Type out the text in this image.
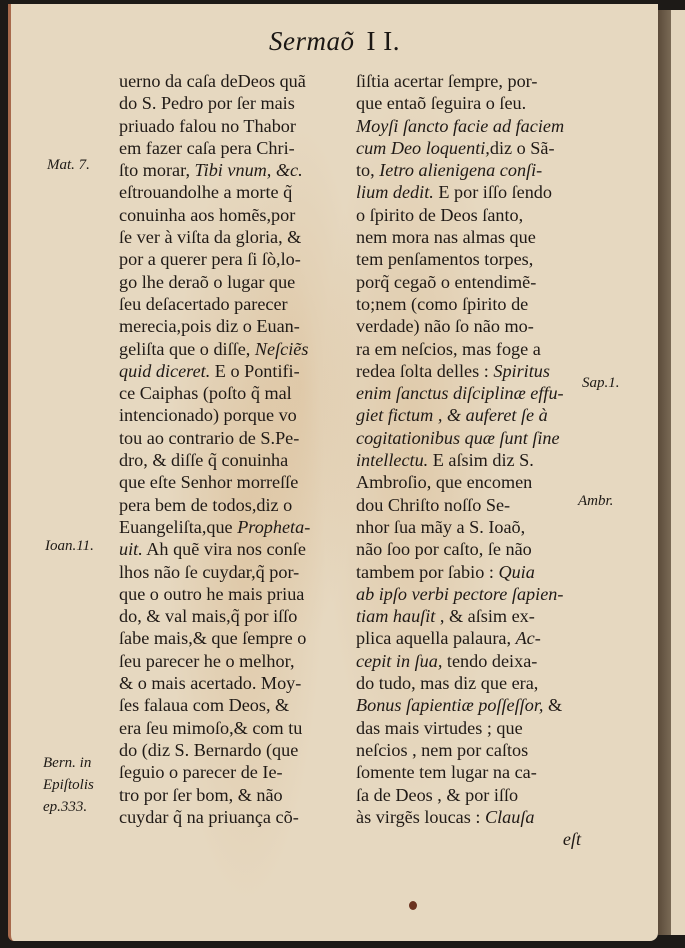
Sermaõ I I.
uerno da caſa deDeos quã
do S. Pedro por ſer mais
priuado falou no Thabor
em fazer caſa pera Chri-
ſto morar, Tibi vnum, &c.
eſtrouandolhe a morte q̃
conuinha aos homẽs,por
ſe ver à viſta da gloria, &
por a querer pera ſi ſò,lo-
go lhe deraõ o lugar que
ſeu deſacertado parecer
merecia,pois diz o Euan-
geliſta que o diſſe, Neſciẽs
quid diceret. E o Pontifi-
ce Caiphas (poſto q̃ mal
intencionado) porque vo
tou ao contrario de S.Pe-
dro, & diſſe q̃ conuinha
que eſte Senhor morreſſe
pera bem de todos,diz o
Euangeliſta,que Propheta-
uit. Ah quẽ vira nos conſe
lhos não ſe cuydar,q̃ por-
que o outro he mais priua
do, & val mais,q̃ por iſſo
ſabe mais,& que ſempre o
ſeu parecer he o melhor,
& o mais acertado. Moy-
ſes falaua com Deos, &
era ſeu mimoſo,& com tu
do (diz S. Bernardo (que
ſeguio o parecer de Ie-
tro por ſer bom, & não
cuydar q̃ na priuança cõ-
ſiſtia acertar ſempre, por-
que entaõ ſeguira o ſeu.
Moyſi ſancto facie ad faciem
cum Deo loquenti,diz o Sã-
to, Ietro alienigena conſi-
lium dedit. E por iſſo ſendo
o ſpirito de Deos ſanto,
nem mora nas almas que
tem penſamentos torpes,
porq̃ cegaõ o entendimẽ-
to;nem (como ſpirito de
verdade) não ſo não mo-
ra em neſcios, mas foge a
redea ſolta delles : Spiritus
enim ſanctus diſciplinæ effu-
giet fictum , & auferet ſe à
cogitationibus quæ ſunt ſine
intellectu. E aſsim diz S.
Ambroſio, que encomen
dou Chriſto noſſo Se-
nhor ſua mãy a S. Ioaõ,
não ſoo por caſto, ſe não
tambem por ſabio : Quia
ab ipſo verbi pectore ſapien-
tiam hauſit , & aſsim ex-
plica aquella palaura, Ac-
cepit in ſua, tendo deixa-
do tudo, mas diz que era,
Bonus ſapientiæ poſſeſſor, &
das mais virtudes ; que
neſcios , nem por caſtos
ſomente tem lugar na ca-
ſa de Deos , & por iſſo
às virgẽs loucas : Clauſa
eſt
Mat. 7.
Ioan.11.
Bern. in
Epiſtolis
ep.333.
Sap.1.
Ambr.
